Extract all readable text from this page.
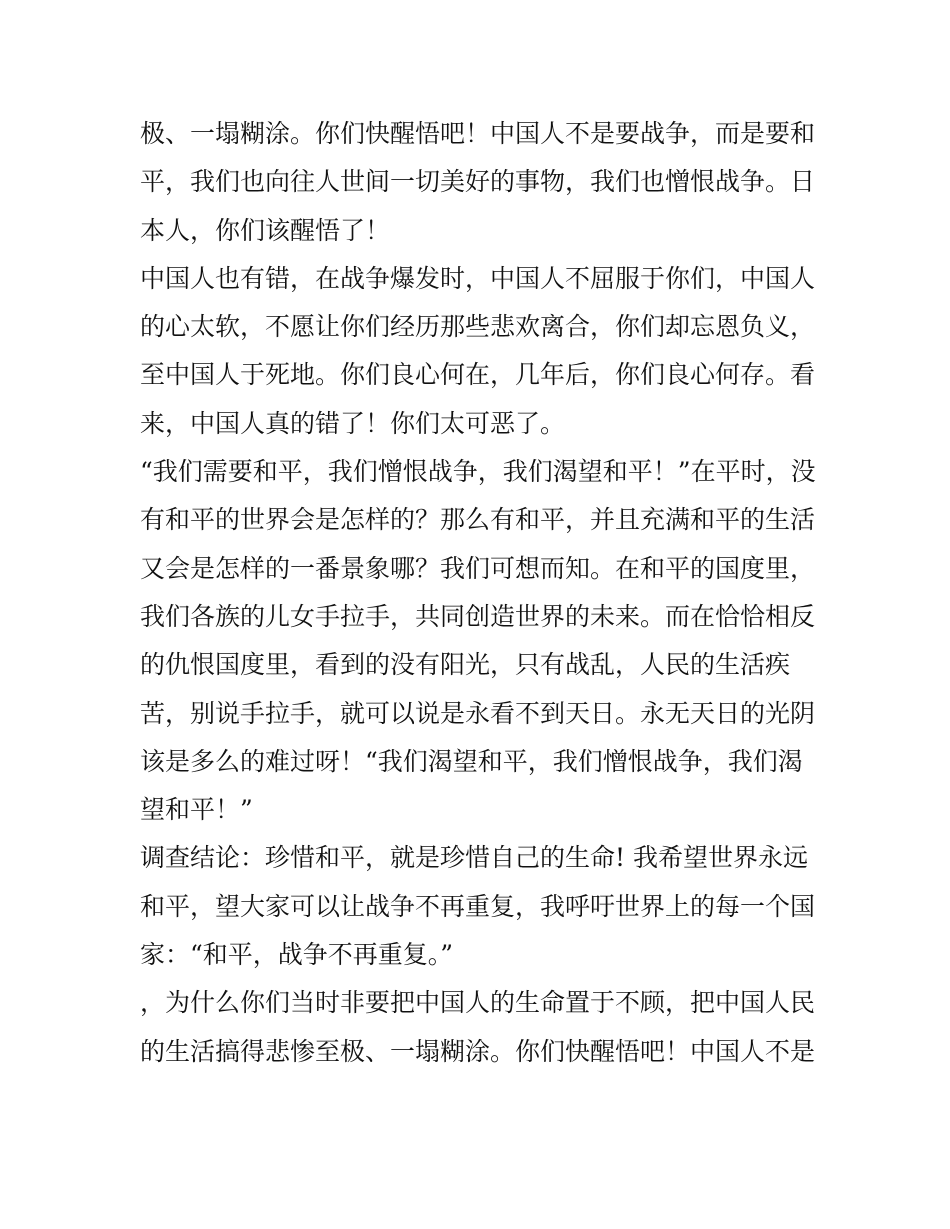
极、一塌糊涂。你们快醒悟吧！中国人不是要战争，而是要和
平，我们也向往人世间一切美好的事物，我们也憎恨战争。日
本人，你们该醒悟了！
中国人也有错，在战争爆发时，中国人不屈服于你们，中国人
的心太软，不愿让你们经历那些悲欢离合，你们却忘恩负义，
至中国人于死地。你们良心何在，几年后，你们良心何存。看
来，中国人真的错了！你们太可恶了。
“我们需要和平，我们憎恨战争，我们渴望和平！”在平时，没
有和平的世界会是怎样的？那么有和平，并且充满和平的生活
又会是怎样的一番景象哪？我们可想而知。在和平的国度里，
我们各族的儿女手拉手，共同创造世界的未来。而在恰恰相反
的仇恨国度里，看到的没有阳光，只有战乱，人民的生活疾
苦，别说手拉手，就可以说是永看不到天日。永无天日的光阴
该是多么的难过呀！“我们渴望和平，我们憎恨战争，我们渴
望和平！”
调查结论：珍惜和平，就是珍惜自己的生命! 我希望世界永远
和平，望大家可以让战争不再重复，我呼吁世界上的每一个国
家：“和平，战争不再重复。”
，为什么你们当时非要把中国人的生命置于不顾，把中国人民
的生活搞得悲惨至极、一塌糊涂。你们快醒悟吧！中国人不是
